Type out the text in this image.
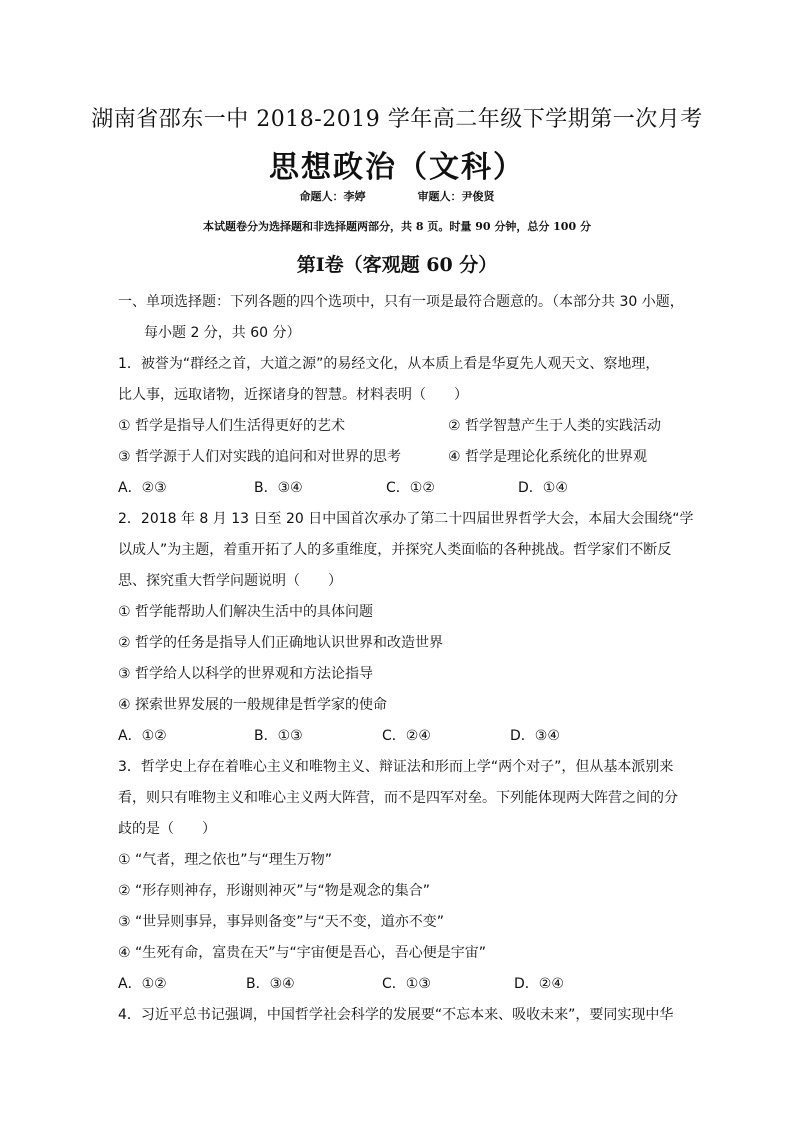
湖南省邵东一中 2018-2019 学年高二年级下学期第一次月考
思想政治（文科）
命题人：李婷	审题人：尹俊贤
本试题卷分为选择题和非选择题两部分，共 8 页。时量 90 分钟，总分 100 分
第Ⅰ卷（客观题 60 分）
一、单项选择题：下列各题的四个选项中，只有一项是最符合题意的。（本部分共 30 小题，
每小题 2 分，共 60 分）
1．被誉为“群经之首，大道之源”的易经文化，从本质上看是华夏先人观天文、察地理，
比人事，远取诸物，近探诸身的智慧。材料表明（　　）
① 哲学是指导人们生活得更好的艺术	② 哲学智慧产生于人类的实践活动
③ 哲学源于人们对实践的追问和对世界的思考	④ 哲学是理论化系统化的世界观
A．②③	B．③④	C．①②	D．①④
2．2018 年 8 月 13 日至 20 日中国首次承办了第二十四届世界哲学大会，本届大会围绕“学
以成人”为主题，着重开拓了人的多重维度，并探究人类面临的各种挑战。哲学家们不断反
思、探究重大哲学问题说明（　　）
① 哲学能帮助人们解决生活中的具体问题
② 哲学的任务是指导人们正确地认识世界和改造世界
③ 哲学给人以科学的世界观和方法论指导
④ 探索世界发展的一般规律是哲学家的使命
A．①②	B．①③	C．②④	D．③④
3．哲学史上存在着唯心主义和唯物主义、辩证法和形而上学“两个对子”，但从基本派别来
看，则只有唯物主义和唯心主义两大阵营，而不是四军对垒。下列能体现两大阵营之间的分
歧的是（　　）
① “气者，理之依也”与“理生万物”
② “形存则神存，形谢则神灭”与“物是观念的集合”
③ “世异则事异，事异则备变”与“天不变，道亦不变”
④ “生死有命，富贵在天”与“宇宙便是吾心，吾心便是宇宙”
A．①②	B．③④	C．①③	D．②④
4．习近平总书记强调，中国哲学社会科学的发展要“不忘本来、吸收未来”，要同实现中华
